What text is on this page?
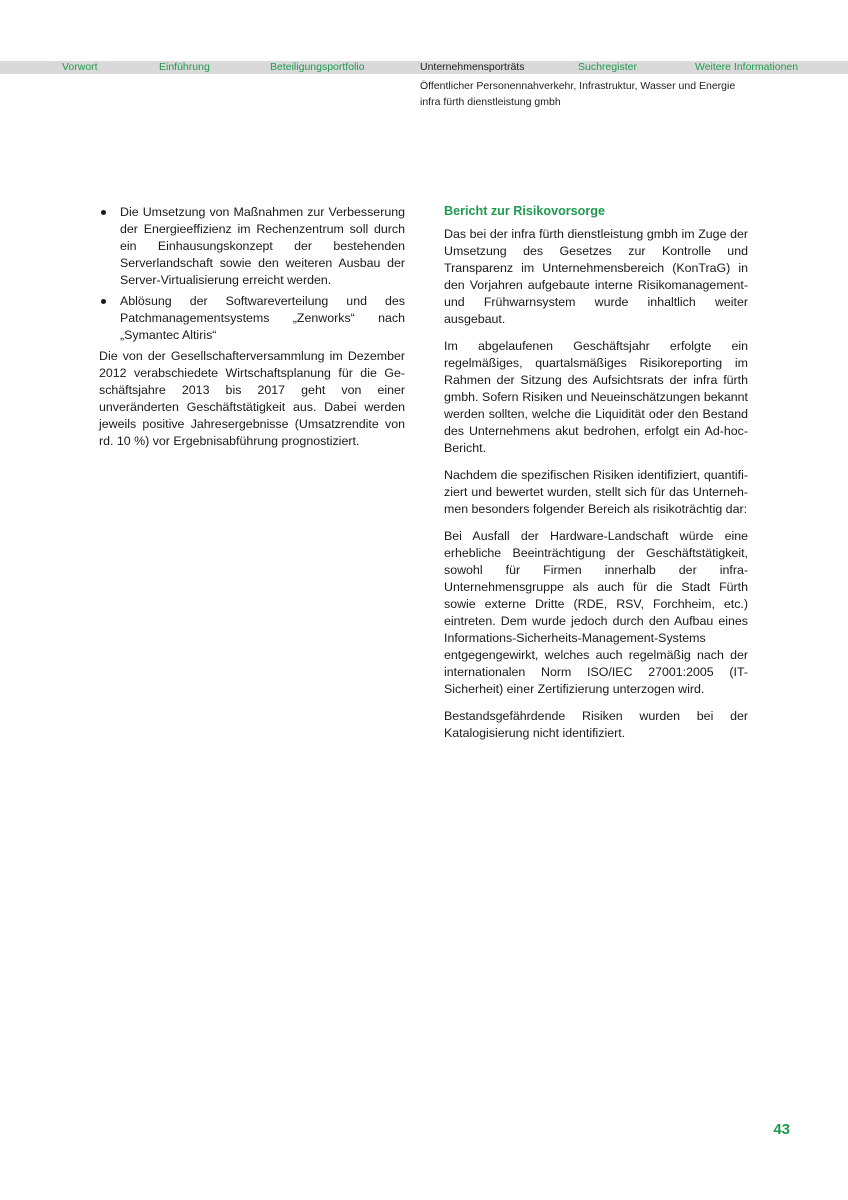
Vorwort	Einführung	Beteiligungsportfolio	Unternehmensporträts	Suchregister	Weitere Informationen
Öffentlicher Personennahverkehr, Infrastruktur, Wasser und Energie
infra fürth dienstleistung gmbh
Die Umsetzung von Maßnahmen zur Verbesserung der Energieeffizienz im Rechenzentrum soll durch ein Einhausungskonzept der bestehenden Serverlandschaft sowie den weiteren Ausbau der Server-Virtualisierung erreicht werden.
Ablösung der Softwareverteilung und des Patchmanagementsystems „Zenworks“ nach „Symantec Altiris“

Die von der Gesellschafterversammlung im Dezember 2012 verabschiedete Wirtschaftsplanung für die Geschäftsjahre 2013 bis 2017 geht von einer unveränderten Geschäftstätigkeit aus. Dabei werden jeweils positive Jahresergebnisse (Umsatzrendite von rd. 10 %) vor Ergebnisabführung prognostiziert.

Bericht zur Risikovorsorge

Das bei der infra fürth dienstleistung gmbh im Zuge der Umsetzung des Gesetzes zur Kontrolle und Transparenz im Unternehmensbereich (KonTraG) in den Vorjahren aufgebaute interne Risikomanagement- und Frühwarnsystem wurde inhaltlich weiter ausgebaut.

Im abgelaufenen Geschäftsjahr erfolgte ein regelmäßiges, quartalsmäßiges Risikoreporting im Rahmen der Sitzung des Aufsichtsrats der infra fürth gmbh. Sofern Risiken und Neueinschätzungen bekannt werden sollten, welche die Liquidität oder den Bestand des Unternehmens akut bedrohen, erfolgt ein Ad-hoc-Bericht.

Nachdem die spezifischen Risiken identifiziert, quantifiziert und bewertet wurden, stellt sich für das Unternehmen besonders folgender Bereich als risikoträchtig dar:

Bei Ausfall der Hardware-Landschaft würde eine erhebliche Beeinträchtigung der Geschäftstätigkeit, sowohl für Firmen innerhalb der infra-Unternehmensgruppe als auch für die Stadt Fürth sowie externe Dritte (RDE, RSV, Forchheim, etc.) eintreten. Dem wurde jedoch durch den Aufbau eines Informations-Sicherheits-Management-Systems entgegengewirkt, welches auch regelmäßig nach der internationalen Norm ISO/IEC 27001:2005 (IT-Sicherheit) einer Zertifizierung unterzogen wird.

Bestandsgefährdende Risiken wurden bei der Katalogisierung nicht identifiziert.

43
